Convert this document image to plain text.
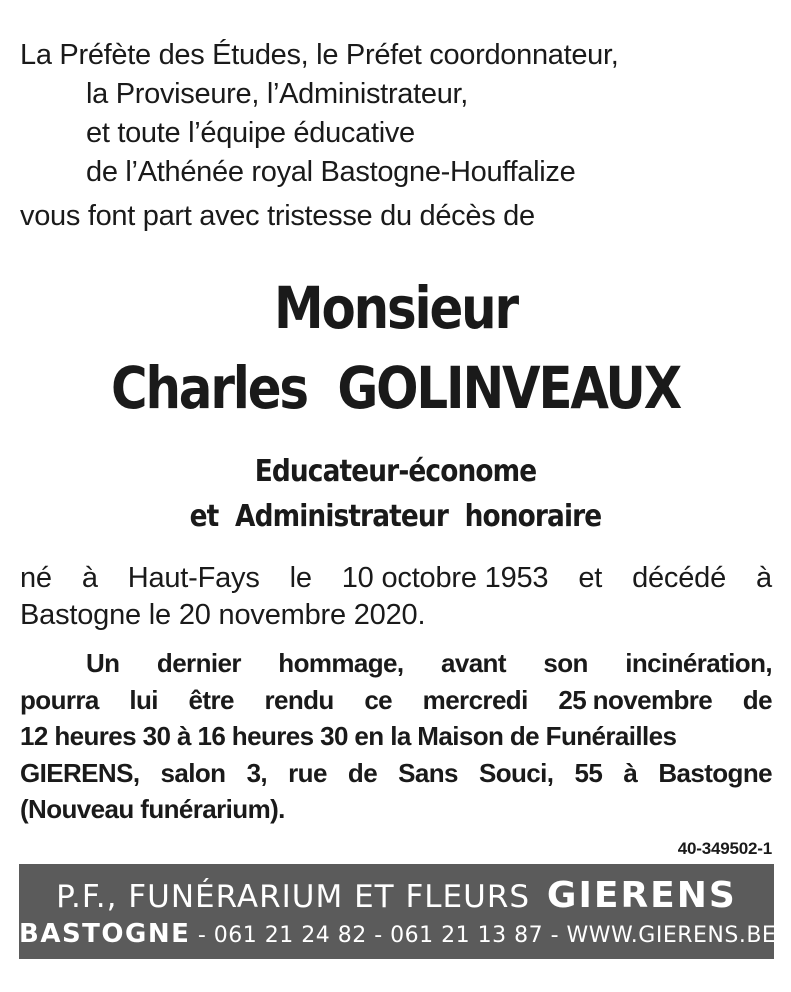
La Préfète des Études, le Préfet coordonnateur,
la Proviseure, l’Administrateur,
et toute l’équipe éducative
de l’Athénée royal Bastogne-Houffalize

vous font part avec tristesse du décès de

Monsieur
Charles  GOLINVEAUX
Educateur-économe
et  Administrateur  honoraire
né à Haut-Fays le 10 octobre 1953 et décédé à
Bastogne le 20 novembre 2020.
Un dernier hommage, avant son incinération,
pourra lui être rendu ce mercredi 25 novembre de
12 heures 30 à 16 heures 30 en la Maison de Funérailles
GIERENS, salon 3, rue de Sans Souci, 55 à Bastogne
(Nouveau funérarium).
40-349502-1
P.F., FUNÉRARIUM ET FLEURS GIERENS
BASTOGNE - 061 21 24 82 - 061 21 13 87 - WWW.GIERENS.BE
